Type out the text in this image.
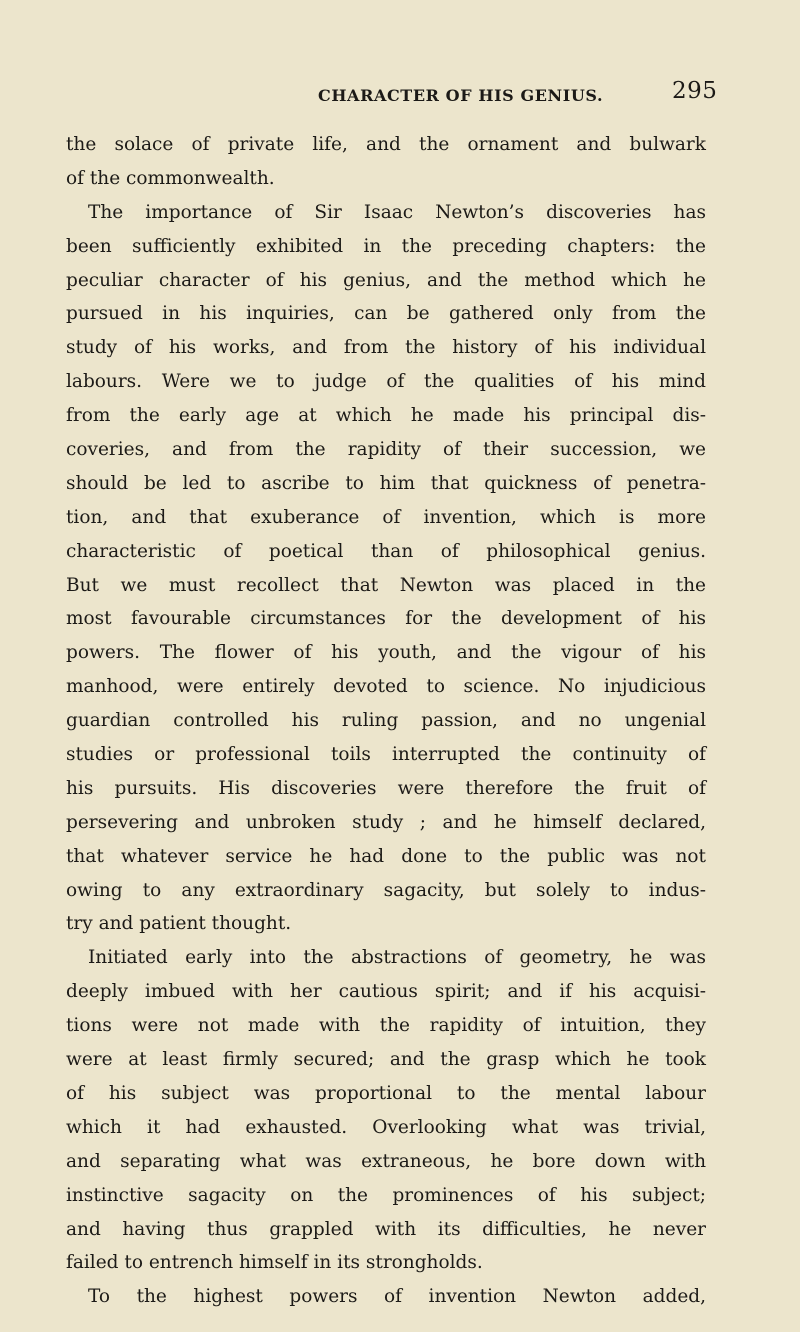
CHARACTER OF HIS GENIUS.	295
the solace of private life, and the ornament and bulwark
of the commonwealth.
The importance of Sir Isaac Newton’s discoveries has
been sufficiently exhibited in the preceding chapters: the
peculiar character of his genius, and the method which he
pursued in his inquiries, can be gathered only from the
study of his works, and from the history of his individual
labours. Were we to judge of the qualities of his mind
from the early age at which he made his principal dis-
coveries, and from the rapidity of their succession, we
should be led to ascribe to him that quickness of penetra-
tion, and that exuberance of invention, which is more
characteristic of poetical than of philosophical genius.
But we must recollect that Newton was placed in the
most favourable circumstances for the development of his
powers. The flower of his youth, and the vigour of his
manhood, were entirely devoted to science. No injudicious
guardian controlled his ruling passion, and no ungenial
studies or professional toils interrupted the continuity of
his pursuits. His discoveries were therefore the fruit of
persevering and unbroken study ; and he himself declared,
that whatever service he had done to the public was not
owing to any extraordinary sagacity, but solely to indus-
try and patient thought.
Initiated early into the abstractions of geometry, he was
deeply imbued with her cautious spirit; and if his acquisi-
tions were not made with the rapidity of intuition, they
were at least firmly secured; and the grasp which he took
of his subject was proportional to the mental labour
which it had exhausted. Overlooking what was trivial,
and separating what was extraneous, he bore down with
instinctive sagacity on the prominences of his subject;
and having thus grappled with its difficulties, he never
failed to entrench himself in its strongholds.
To the highest powers of invention Newton added,
